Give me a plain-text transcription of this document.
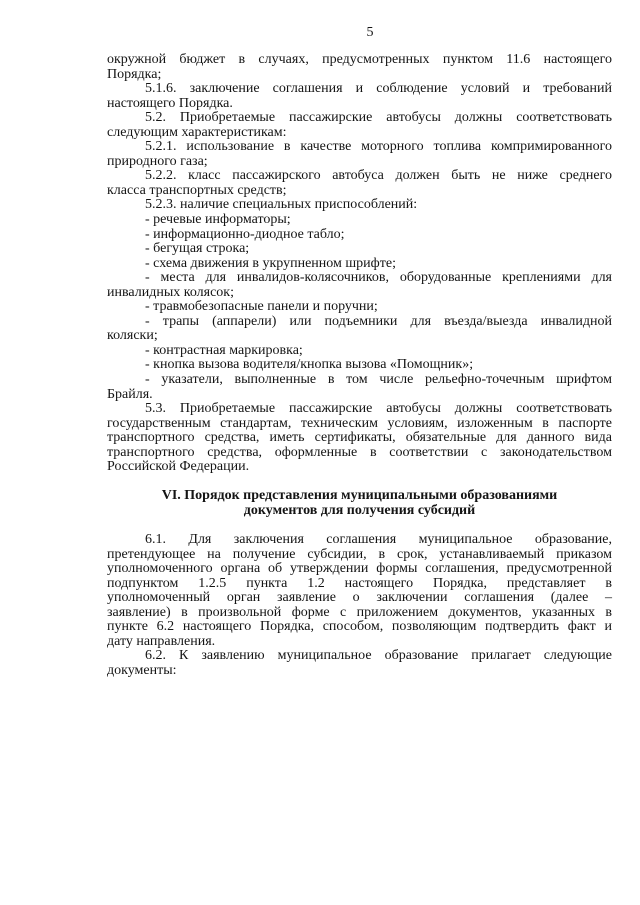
5
окружной бюджет в случаях, предусмотренных пунктом 11.6 настоящего
Порядка;
5.1.6. заключение соглашения и соблюдение условий и требований
настоящего Порядка.
5.2. Приобретаемые пассажирские автобусы должны соответствовать
следующим характеристикам:
5.2.1. использование в качестве моторного топлива компримированного
природного газа;
5.2.2. класс пассажирского автобуса должен быть не ниже среднего
класса транспортных средств;
5.2.3. наличие специальных приспособлений:
- речевые информаторы;
- информационно-диодное табло;
- бегущая строка;
- схема движения в укрупненном шрифте;
- места для инвалидов-колясочников, оборудованные креплениями для
инвалидных колясок;
- травмобезопасные панели и поручни;
- трапы (аппарели) или подъемники для въезда/выезда инвалидной
коляски;
- контрастная маркировка;
- кнопка вызова водителя/кнопка вызова «Помощник»;
- указатели, выполненные в том числе рельефно-точечным шрифтом
Брайля.
5.3. Приобретаемые пассажирские автобусы должны соответствовать
государственным стандартам, техническим условиям, изложенным в паспорте
транспортного средства, иметь сертификаты, обязательные для данного вида
транспортного средства, оформленные в соответствии с законодательством
Российской Федерации.
VI. Порядок представления муниципальными образованиями
документов для получения субсидий
6.1. Для заключения соглашения муниципальное образование,
претендующее на получение субсидии, в срок, устанавливаемый приказом
уполномоченного органа об утверждении формы соглашения, предусмотренной
подпунктом 1.2.5 пункта 1.2 настоящего Порядка, представляет в
уполномоченный орган заявление о заключении соглашения (далее –
заявление) в произвольной форме с приложением документов, указанных в
пункте 6.2 настоящего Порядка, способом, позволяющим подтвердить факт и
дату направления.
6.2. К заявлению муниципальное образование прилагает следующие
документы:
